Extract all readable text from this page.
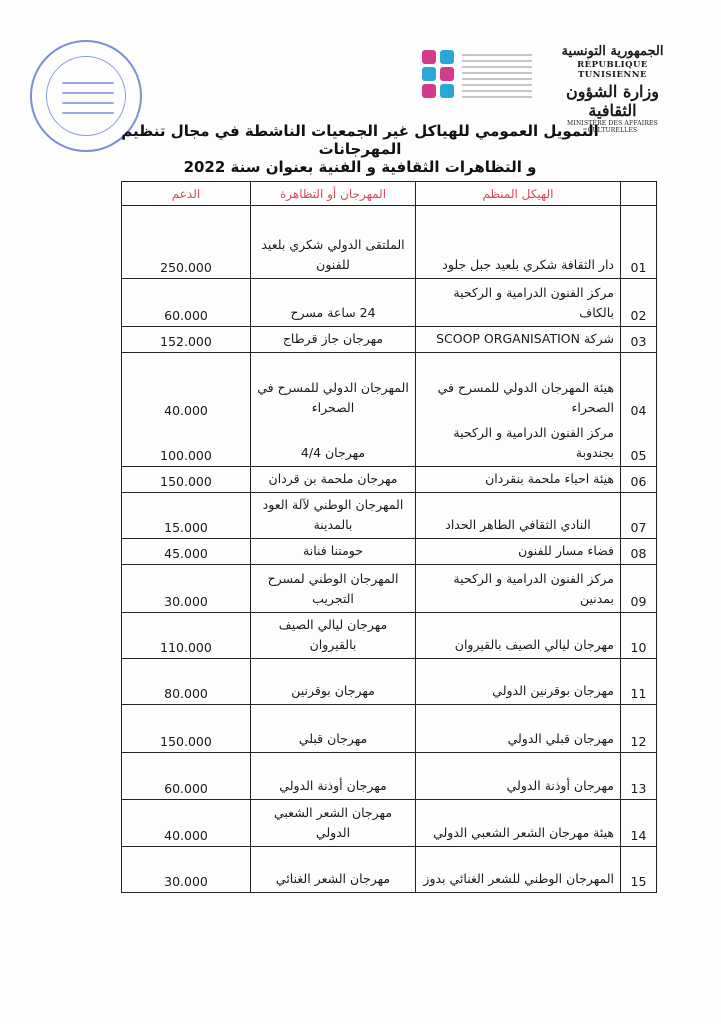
الجمهورية التونسية
RÉPUBLIQUE TUNISIENNE
وزارة الشؤون الثقافية
MINISTÈRE DES AFFAIRES CULTURELLES
التمويل العمومي للهياكل غير الجمعيات الناشطة في مجال تنظيم المهرجانات
و التظاهرات الثقافية و الفنية بعنوان سنة 2022
	الهيكل المنظم	المهرجان أو التظاهرة	الدعم
01	دار الثقافة شكري بلعيد جبل جلود	الملتقى الدولي شكري بلعيد للفنون	250.000
02	مركز الفنون الدرامية و الركحية بالكاف	24 ساعة مسرح	60.000
03	شركة SCOOP ORGANISATION	مهرجان جاز قرطاج	152.000
04	هيئة المهرجان الدولي للمسرح في الصحراء	المهرجان الدولي للمسرح في الصحراء	40.000
05	مركز الفنون الدرامية و الركحية بجندوبة	مهرجان 4/4	100.000
06	هيئة احياء ملحمة بنقردان	مهرجان ملحمة بن قردان	150.000
07	النادي الثقافي الطاهر الحداد	المهرجان الوطني لآلة العود بالمدينة	15.000
08	فضاء مسار للفنون	حومتنا فنانة	45.000
09	مركز الفنون الدرامية و الركحية بمدنين	المهرجان الوطني لمسرح التجريب	30.000
10	مهرجان ليالي الصيف بالقيروان	مهرجان ليالي الصيف بالقيروان	110.000
11	مهرجان بوقرنين الدولي	مهرجان بوقرنين	80.000
12	مهرجان قبلي الدولي	مهرجان قبلي	150.000
13	مهرجان أوذنة الدولي	مهرجان أوذنة الدولي	60.000
14	هيئة مهرجان الشعر الشعبي الدولي	مهرجان الشعر الشعبي الدولي	40.000
15	المهرجان الوطني للشعر الغنائي بدوز	مهرجان الشعر الغنائي	30.000
